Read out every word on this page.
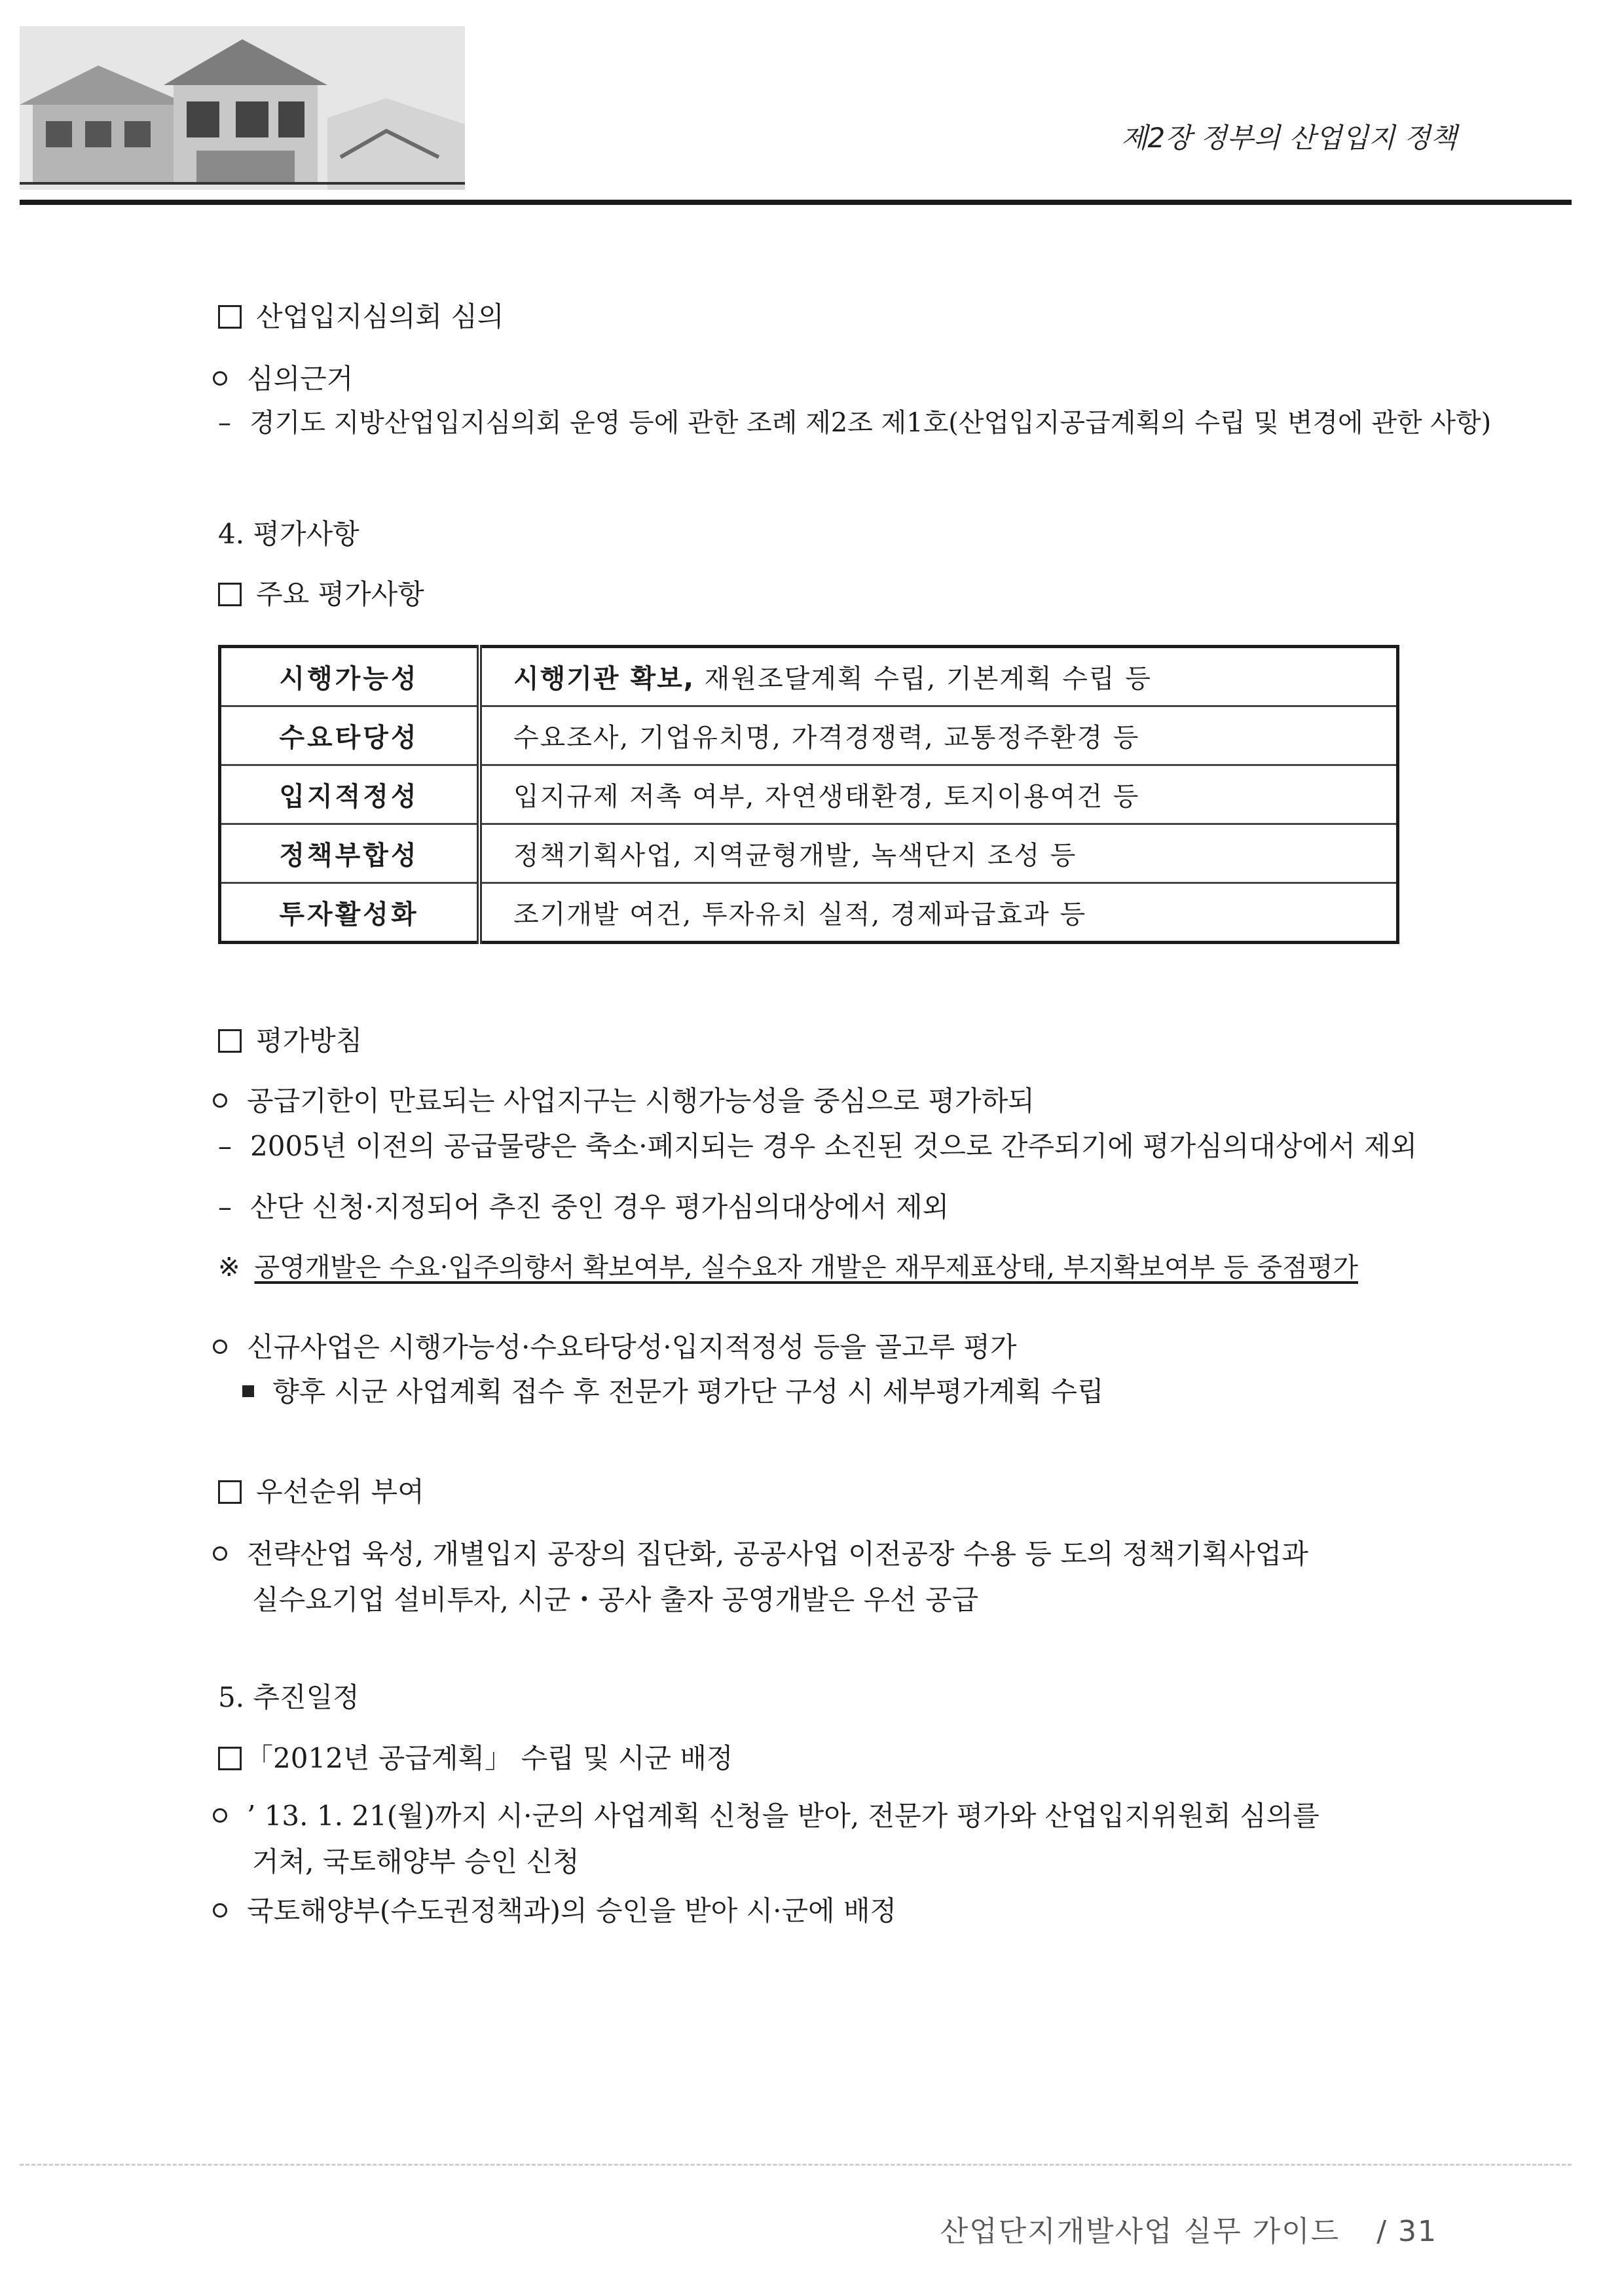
제2장 정부의 산업입지 정책
산업입지심의회 심의
심의근거
– 경기도 지방산업입지심의회 운영 등에 관한 조례 제2조 제1호(산업입지공급계획의 수립 및 변경에 관한 사항)
4. 평가사항
주요 평가사항
시행가능성	시행기관 확보, 재원조달계획 수립, 기본계획 수립 등
수요타당성	수요조사, 기업유치명, 가격경쟁력, 교통정주환경 등
입지적정성	입지규제 저촉 여부, 자연생태환경, 토지이용여건 등
정책부합성	정책기획사업, 지역균형개발, 녹색단지 조성 등
투자활성화	조기개발 여건, 투자유치 실적, 경제파급효과 등
평가방침
공급기한이 만료되는 사업지구는 시행가능성을 중심으로 평가하되
– 2005년 이전의 공급물량은 축소·폐지되는 경우 소진된 것으로 간주되기에 평가심의대상에서 제외
– 산단 신청·지정되어 추진 중인 경우 평가심의대상에서 제외
※ 공영개발은 수요·입주의향서 확보여부, 실수요자 개발은 재무제표상태, 부지확보여부 등 중점평가
신규사업은 시행가능성·수요타당성·입지적정성 등을 골고루 평가
향후 시군 사업계획 접수 후 전문가 평가단 구성 시 세부평가계획 수립
우선순위 부여
전략산업 육성, 개별입지 공장의 집단화, 공공사업 이전공장 수용 등 도의 정책기획사업과
실수요기업 설비투자, 시군・공사 출자 공영개발은 우선 공급
5. 추진일정
「2012년 공급계획」 수립 및 시군 배정
’ 13. 1. 21(월)까지 시·군의 사업계획 신청을 받아, 전문가 평가와 산업입지위원회 심의를
거쳐, 국토해양부 승인 신청
국토해양부(수도권정책과)의 승인을 받아 시·군에 배정
산업단지개발사업 실무 가이드 / 31
